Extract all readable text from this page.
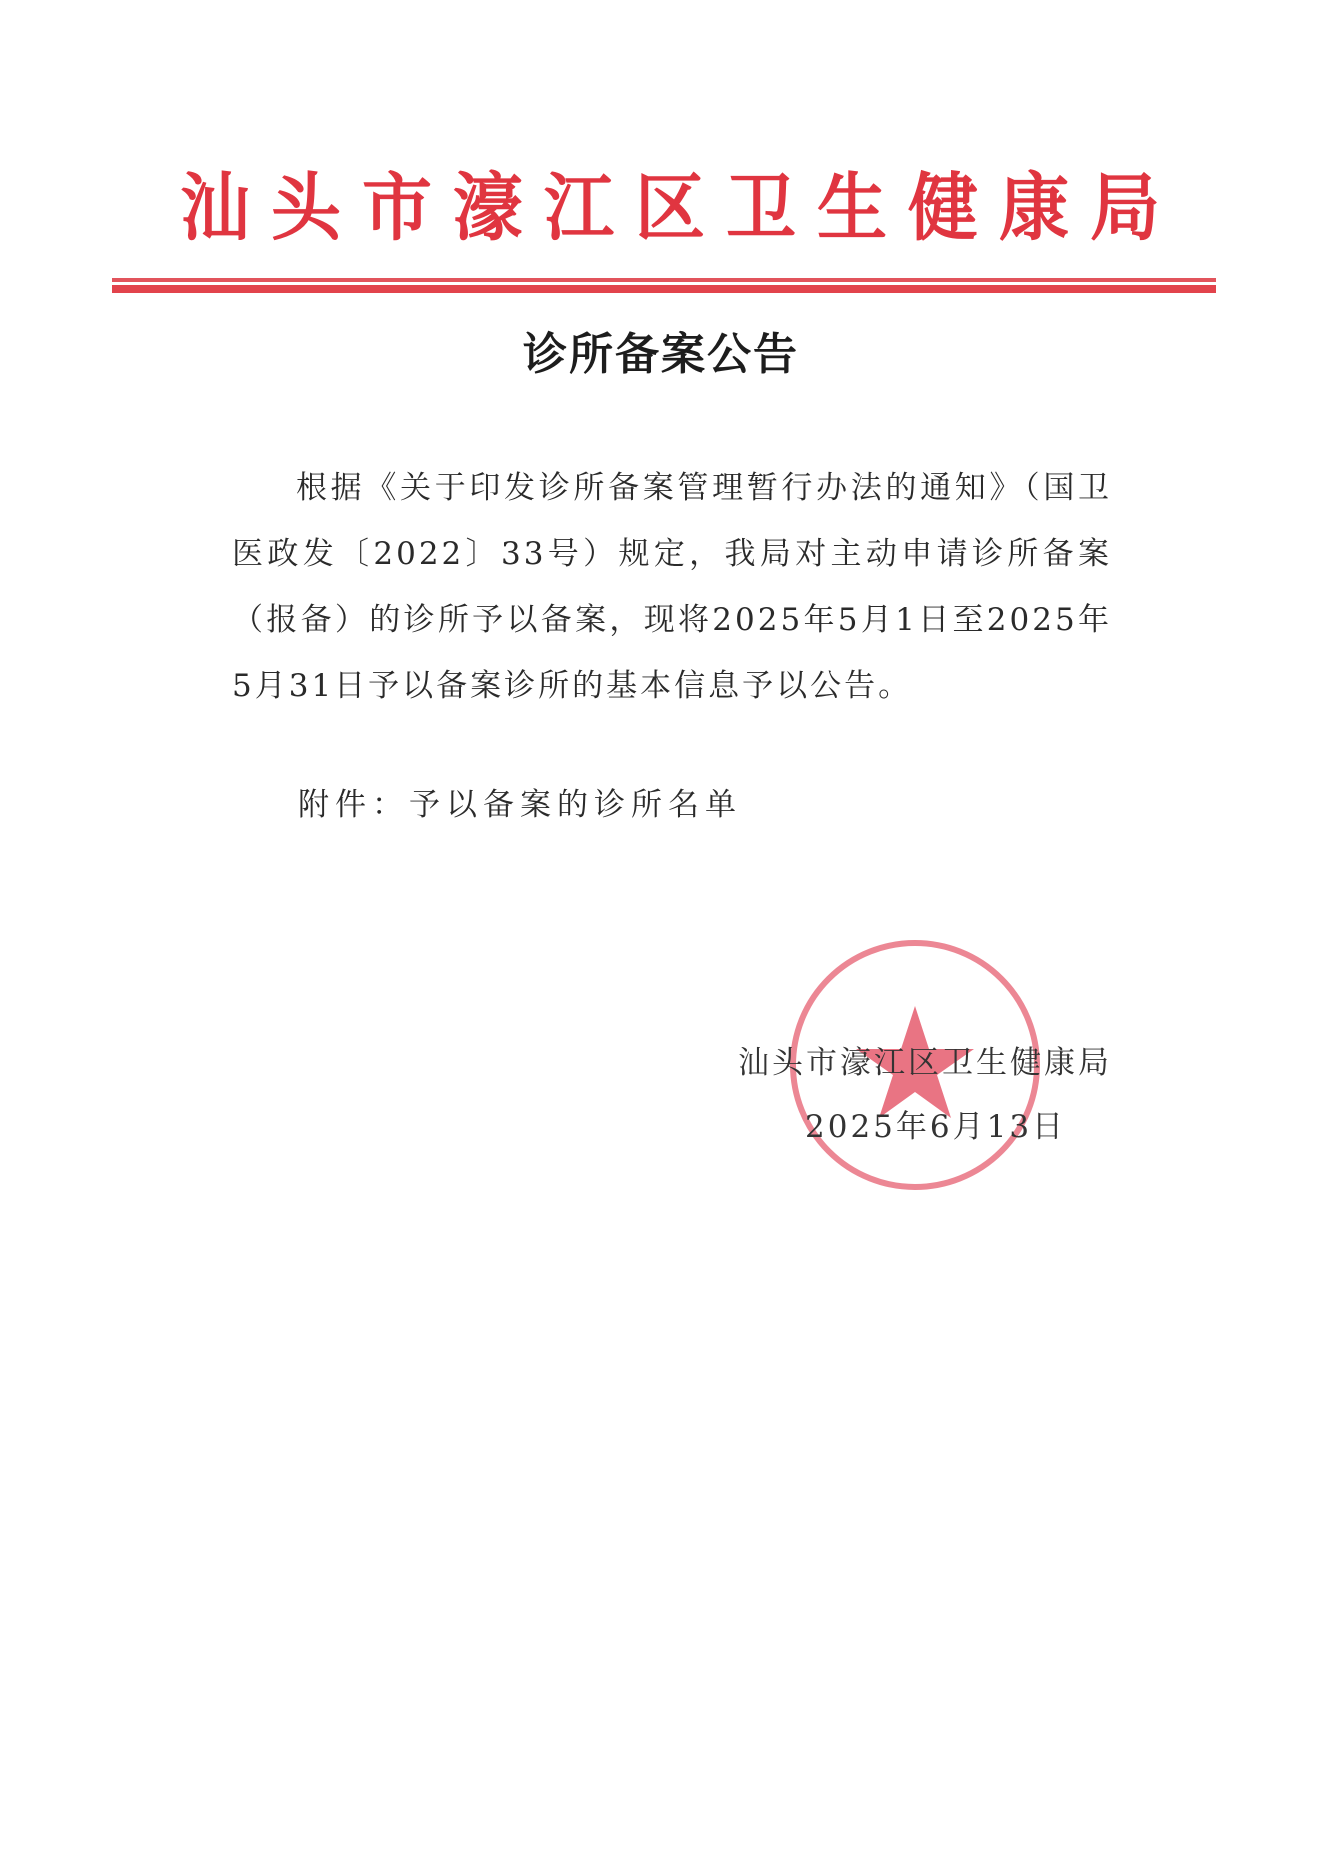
汕 头 市 濠 江 区 卫 生 健 康 局
诊所备案公告

根据《关于印发诊所备案管理暂行办法的通知》（国卫医政发〔2022〕33号）规定，我局对主动申请诊所备案（报备）的诊所予以备案，现将2025年5月1日至2025年5月31日予以备案诊所的基本信息予以公告。

附件：予以备案的诊所名单
汕头市濠江区卫生健康局
2025年6月13日
